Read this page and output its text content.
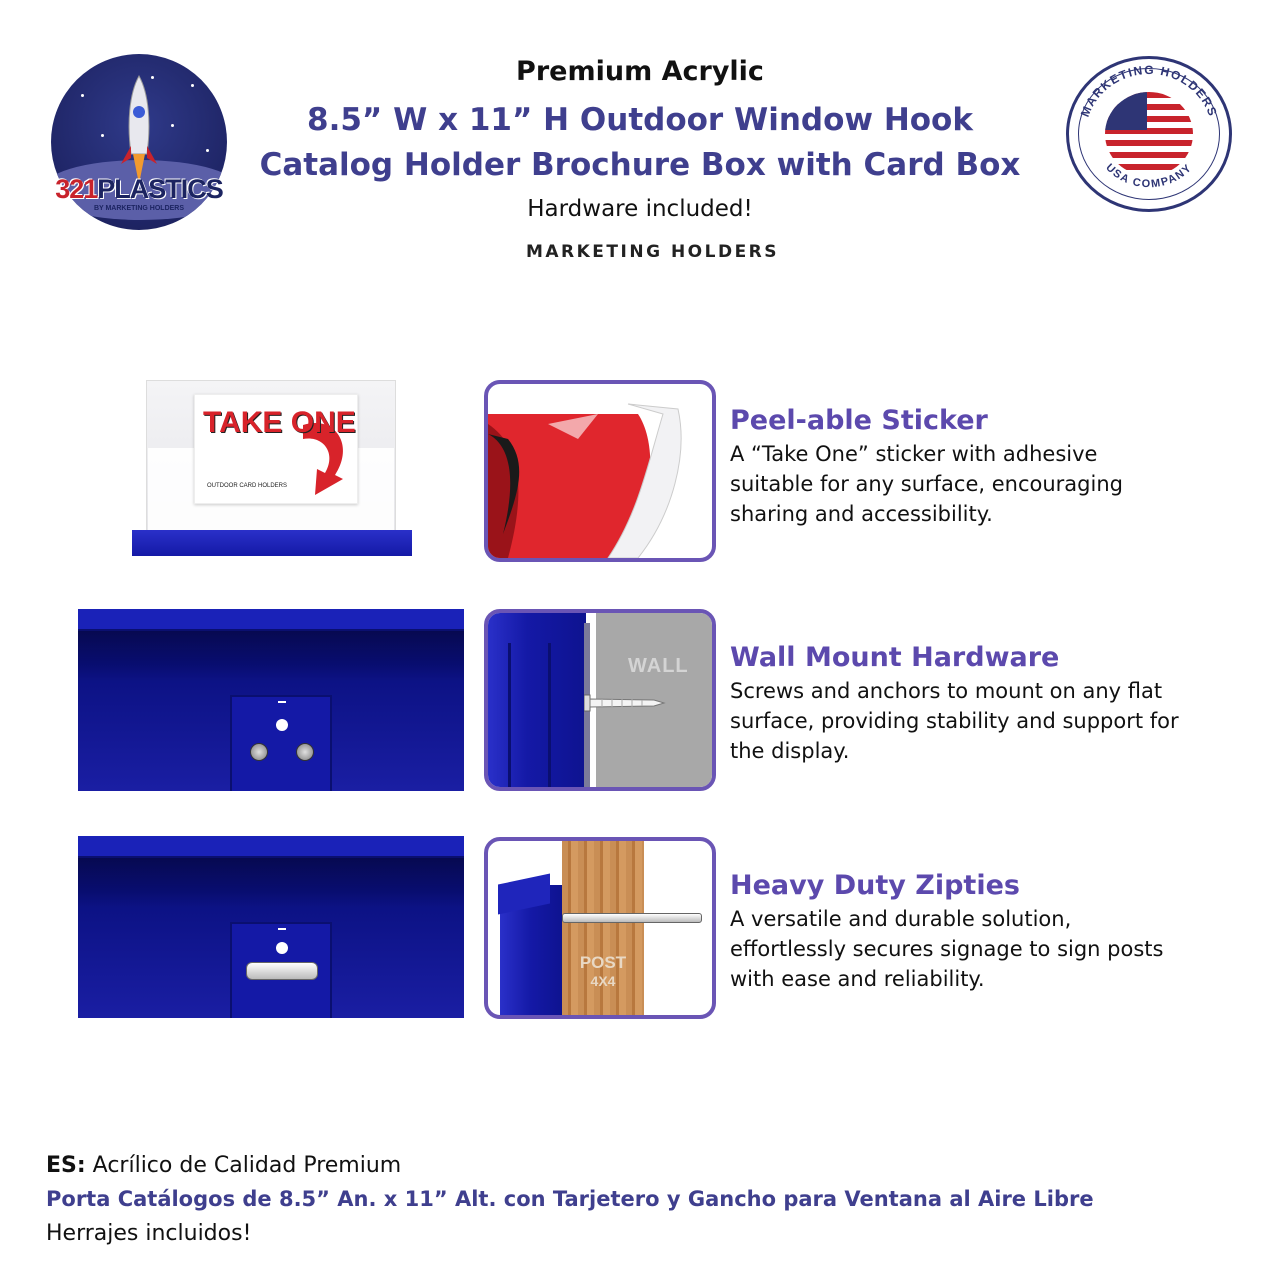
321PLASTICS
BY MARKETING HOLDERS
MARKETING HOLDERS
USA COMPANY
Premium Acrylic
8.5” W x 11” H Outdoor Window Hook
Catalog Holder Brochure Box with Card Box
Hardware included!
MARKETING HOLDERS
TAKE ONE
OUTDOOR CARD HOLDERS
Peel-able Sticker
A “Take One” sticker with adhesive suitable for any surface, encouraging sharing and accessibility.
WALL Wall Mount Hardware
Screws and anchors to mount on any flat surface, providing stability and support for the display.
POST
4X4
Heavy Duty Zipties
A versatile and durable solution, effortlessly secures signage to sign posts with ease and reliability.
ES: Acrílico de Calidad Premium
Porta Catálogos de 8.5” An. x 11” Alt. con Tarjetero y Gancho para Ventana al Aire Libre
Herrajes incluidos!
